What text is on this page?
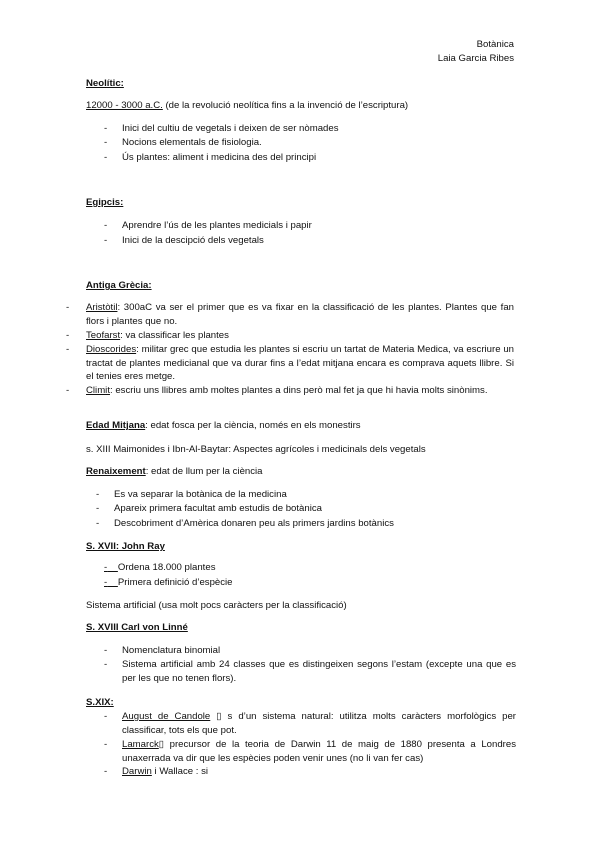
Botànica
Laia Garcia Ribes
Neolític:
12000 - 3000 a.C. (de la revolució neolítica fins a la invenció de l’escriptura)
- Inici del cultiu de vegetals i deixen de ser nòmades
- Nocions elementals de fisiologia.
- Ús plantes: aliment i medicina des del principi
Egipcis:
- Aprendre l’ús de les plantes medicials i papir
- Inici de la descipció dels vegetals
Antiga Grècia:
- Aristòtil: 300aC va ser el primer que es va fixar en la classificació de les plantes. Plantes que fan flors i plantes que no.
- Teofarst: va classificar les plantes
- Dioscorides: militar grec que estudia les plantes si escriu un tartat de Materia Medica, va escriure un tractat de plantes medicianal que va durar fins a l’edat mitjana encara es comprava aquets llibre. Si el tenies eres metge.
- Climit: escriu uns llibres amb moltes plantes a dins però mal fet ja que hi havia molts sinònims.
Edad Mitjana: edat fosca per la ciència, només en els monestirs
s. XIII Maimonides i Ibn-Al-Baytar: Aspectes agrícoles i medicinals dels vegetals
Renaixement: edat de llum per la ciència
- Es va separar la botànica de la medicina
- Apareix primera facultat amb estudis de botànica
- Descobriment d’Amèrica donaren peu als primers jardins botànics
S. XVII: John Ray
- Ordena 18.000 plantes
- Primera definició d’espècie
Sistema artificial (usa molt pocs caràcters per la classificació)
S. XVIII Carl von Linné
- Nomenclatura binomial
- Sistema artificial amb 24 classes que es distingeixen segons l’estam (excepte una que es per les que no tenen flors).
S.XIX:
- August de Candole ▯ s d’un sistema natural: utilitza molts caràcters morfològics per classificar, tots els que pot.
- Lamarck▯ precursor de la teoria de Darwin 11 de maig de 1880 presenta a Londres unaxerrada va dir que les espècies poden venir unes (no li van fer cas)
- Darwin i Wallace : si
